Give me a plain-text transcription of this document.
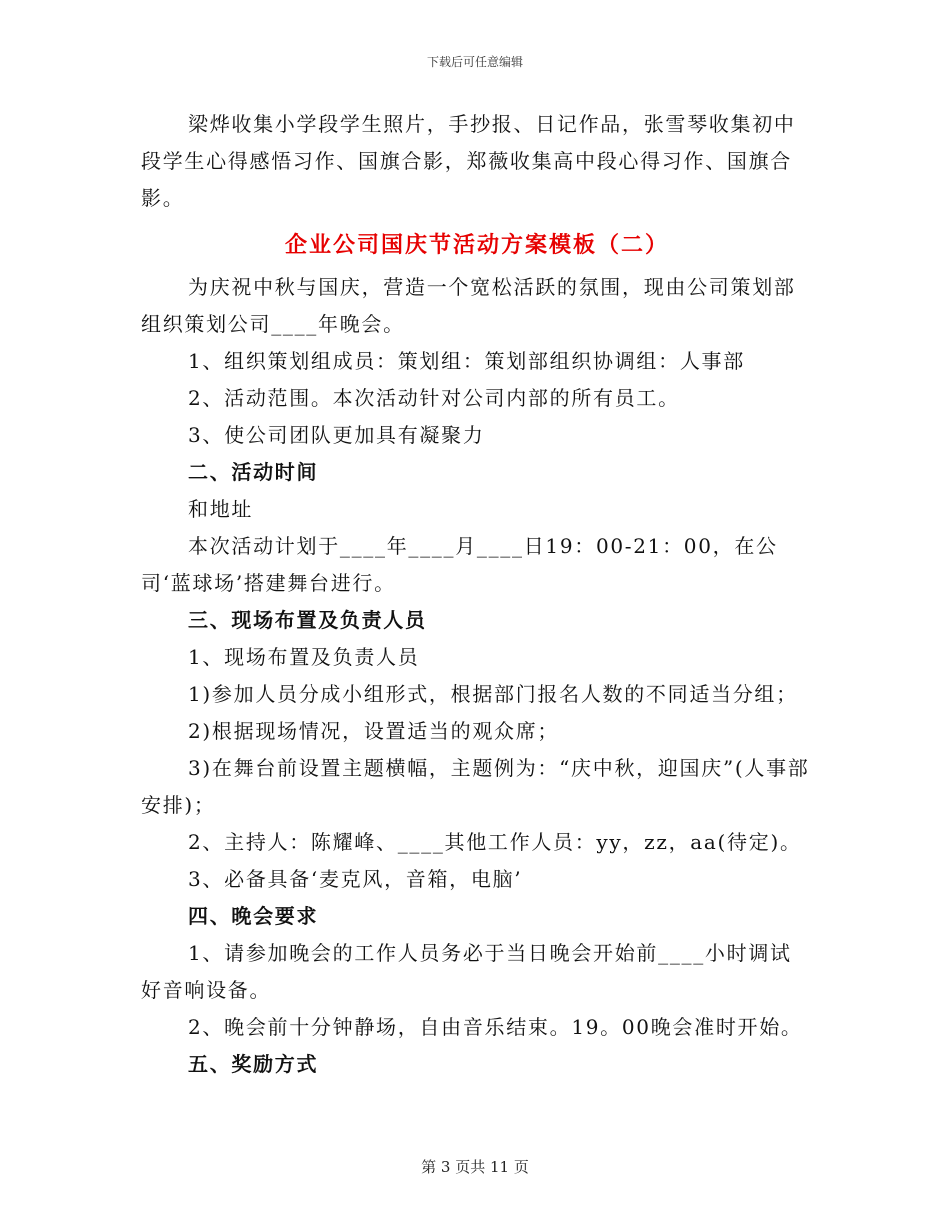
下载后可任意编辑

梁烨收集小学段学生照片，手抄报、日记作品，张雪琴收集初中段学生心得感悟习作、国旗合影，郑薇收集高中段心得习作、国旗合影。

企业公司国庆节活动方案模板（二）

为庆祝中秋与国庆，营造一个宽松活跃的氛围，现由公司策划部组织策划公司____年晚会。

1、组织策划组成员：策划组：策划部组织协调组：人事部

2、活动范围。本次活动针对公司内部的所有员工。

3、使公司团队更加具有凝聚力

二、活动时间

和地址

本次活动计划于____年____月____日19：00-21：00，在公司‘蓝球场’搭建舞台进行。

三、现场布置及负责人员

1、现场布置及负责人员

1)参加人员分成小组形式，根据部门报名人数的不同适当分组；

2)根据现场情况，设置适当的观众席；

3)在舞台前设置主题横幅，主题例为：“庆中秋，迎国庆”(人事部安排)；

2、主持人：陈耀峰、____其他工作人员：yy，zz，aa(待定)。

3、必备具备‘麦克风，音箱，电脑’

四、晚会要求

1、请参加晚会的工作人员务必于当日晚会开始前____小时调试好音响设备。

2、晚会前十分钟静场，自由音乐结束。19。00晚会准时开始。

五、奖励方式

第 3 页共 11 页
